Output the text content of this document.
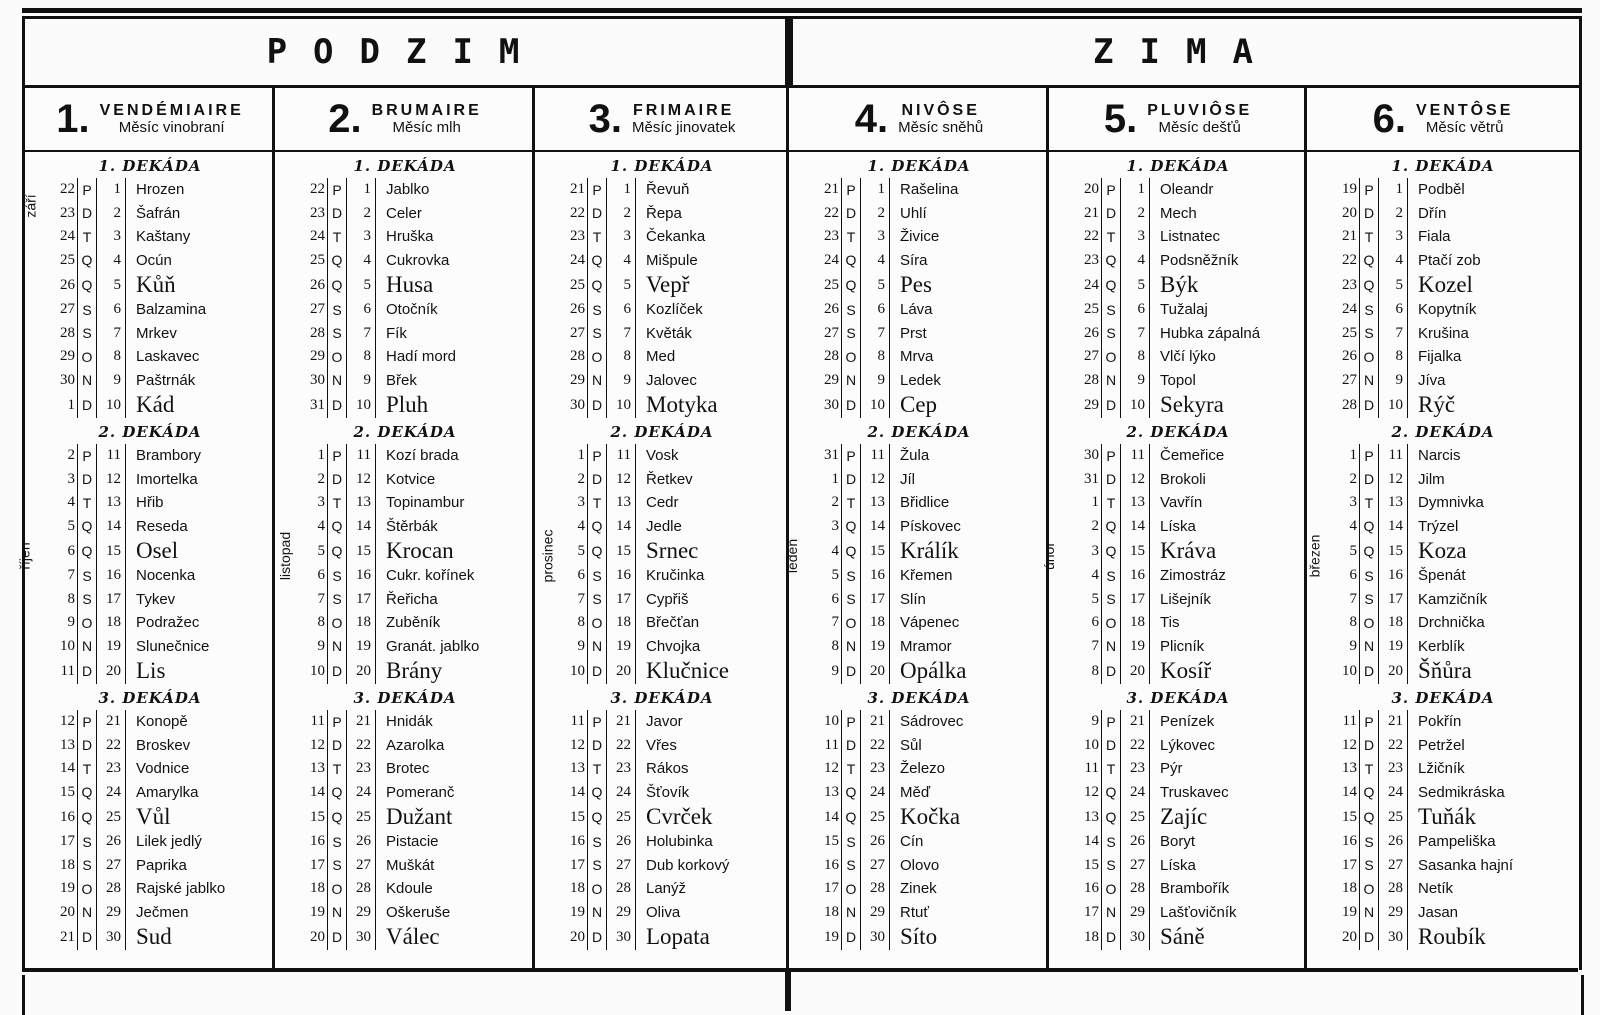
PODZIM	ZIMA
1. VENDÉMIAIRE
Měsíc vinobraní
1. DEKÁDA
22	P	1	Hrozen
23	D	2	Šafrán
24	T	3	Kaštany
25	Q	4	Ocún
26	Q	5	Kůň
27	S	6	Balzamina
28	S	7	Mrkev
29	O	8	Laskavec
30	N	9	Paštrnák
1	D	10	Kád
září
2. DEKÁDA
2	P	11	Brambory
3	D	12	Imortelka
4	T	13	Hřib
5	Q	14	Reseda
6	Q	15	Osel
7	S	16	Nocenka
8	S	17	Tykev
9	O	18	Podražec
10	N	19	Slunečnice
11	D	20	Lis
říjen
3. DEKÁDA
12	P	21	Konopě
13	D	22	Broskev
14	T	23	Vodnice
15	Q	24	Amarylka
16	Q	25	Vůl
17	S	26	Lilek jedlý
18	S	27	Paprika
19	O	28	Rajské jablko
20	N	29	Ječmen
21	D	30	Sud
2. BRUMAIRE
Měsíc mlh
1. DEKÁDA
22	P	1	Jablko
23	D	2	Celer
24	T	3	Hruška
25	Q	4	Cukrovka
26	Q	5	Husa
27	S	6	Otočník
28	S	7	Fík
29	O	8	Hadí mord
30	N	9	Břek
31	D	10	Pluh
2. DEKÁDA
1	P	11	Kozí brada
2	D	12	Kotvice
3	T	13	Topinambur
4	Q	14	Štěrbák
5	Q	15	Krocan
6	S	16	Cukr. kořínek
7	S	17	Řeřicha
8	O	18	Zuběník
9	N	19	Granát. jablko
10	D	20	Brány
listopad
3. DEKÁDA
11	P	21	Hnidák
12	D	22	Azarolka
13	T	23	Brotec
14	Q	24	Pomeranč
15	Q	25	Dužant
16	S	26	Pistacie
17	S	27	Muškát
18	O	28	Kdoule
19	N	29	Oškeruše
20	D	30	Válec
3. FRIMAIRE
Měsíc jinovatek
1. DEKÁDA
21	P	1	Řevuň
22	D	2	Řepa
23	T	3	Čekanka
24	Q	4	Mišpule
25	Q	5	Vepř
26	S	6	Kozlíček
27	S	7	Květák
28	O	8	Med
29	N	9	Jalovec
30	D	10	Motyka
2. DEKÁDA
1	P	11	Vosk
2	D	12	Řetkev
3	T	13	Cedr
4	Q	14	Jedle
5	Q	15	Srnec
6	S	16	Kručinka
7	S	17	Cypřiš
8	O	18	Břečťan
9	N	19	Chvojka
10	D	20	Klučnice
prosinec
3. DEKÁDA
11	P	21	Javor
12	D	22	Vřes
13	T	23	Rákos
14	Q	24	Šťovík
15	Q	25	Cvrček
16	S	26	Holubinka
17	S	27	Dub korkový
18	O	28	Lanýž
19	N	29	Oliva
20	D	30	Lopata
4. NIVÔSE
Měsíc sněhů
1. DEKÁDA
21	P	1	Rašelina
22	D	2	Uhlí
23	T	3	Živice
24	Q	4	Síra
25	Q	5	Pes
26	S	6	Láva
27	S	7	Prst
28	O	8	Mrva
29	N	9	Ledek
30	D	10	Cep
2. DEKÁDA
31	P	11	Žula
1	D	12	Jíl
2	T	13	Břidlice
3	Q	14	Pískovec
4	Q	15	Králík
5	S	16	Křemen
6	S	17	Slín
7	O	18	Vápenec
8	N	19	Mramor
9	D	20	Opálka
leden
3. DEKÁDA
10	P	21	Sádrovec
11	D	22	Sůl
12	T	23	Železo
13	Q	24	Měď
14	Q	25	Kočka
15	S	26	Cín
16	S	27	Olovo
17	O	28	Zinek
18	N	29	Rtuť
19	D	30	Síto
5. PLUVIÔSE
Měsíc dešťů
1. DEKÁDA
20	P	1	Oleandr
21	D	2	Mech
22	T	3	Listnatec
23	Q	4	Podsněžník
24	Q	5	Býk
25	S	6	Tužalaj
26	S	7	Hubka zápalná
27	O	8	Vlčí lýko
28	N	9	Topol
29	D	10	Sekyra
2. DEKÁDA
30	P	11	Čemeřice
31	D	12	Brokoli
1	T	13	Vavřín
2	Q	14	Líska
3	Q	15	Kráva
4	S	16	Zimostráz
5	S	17	Lišejník
6	O	18	Tis
7	N	19	Plicník
8	D	20	Kosíř
únor
3. DEKÁDA
9	P	21	Penízek
10	D	22	Lýkovec
11	T	23	Pýr
12	Q	24	Truskavec
13	Q	25	Zajíc
14	S	26	Boryt
15	S	27	Líska
16	O	28	Brambořík
17	N	29	Lašťovičník
18	D	30	Sáně
6. VENTÔSE
Měsíc větrů
1. DEKÁDA
19	P	1	Podběl
20	D	2	Dřín
21	T	3	Fiala
22	Q	4	Ptačí zob
23	Q	5	Kozel
24	S	6	Kopytník
25	S	7	Krušina
26	O	8	Fijalka
27	N	9	Jíva
28	D	10	Rýč
2. DEKÁDA
1	P	11	Narcis
2	D	12	Jilm
3	T	13	Dymnivka
4	Q	14	Trýzel
5	Q	15	Koza
6	S	16	Špenát
7	S	17	Kamzičník
8	O	18	Drchnička
9	N	19	Kerblík
10	D	20	Šňůra
březen
3. DEKÁDA
11	P	21	Pokřín
12	D	22	Petržel
13	T	23	Lžičník
14	Q	24	Sedmikráska
15	Q	25	Tuňák
16	S	26	Pampeliška
17	S	27	Sasanka hajní
18	O	28	Netík
19	N	29	Jasan
20	D	30	Roubík
